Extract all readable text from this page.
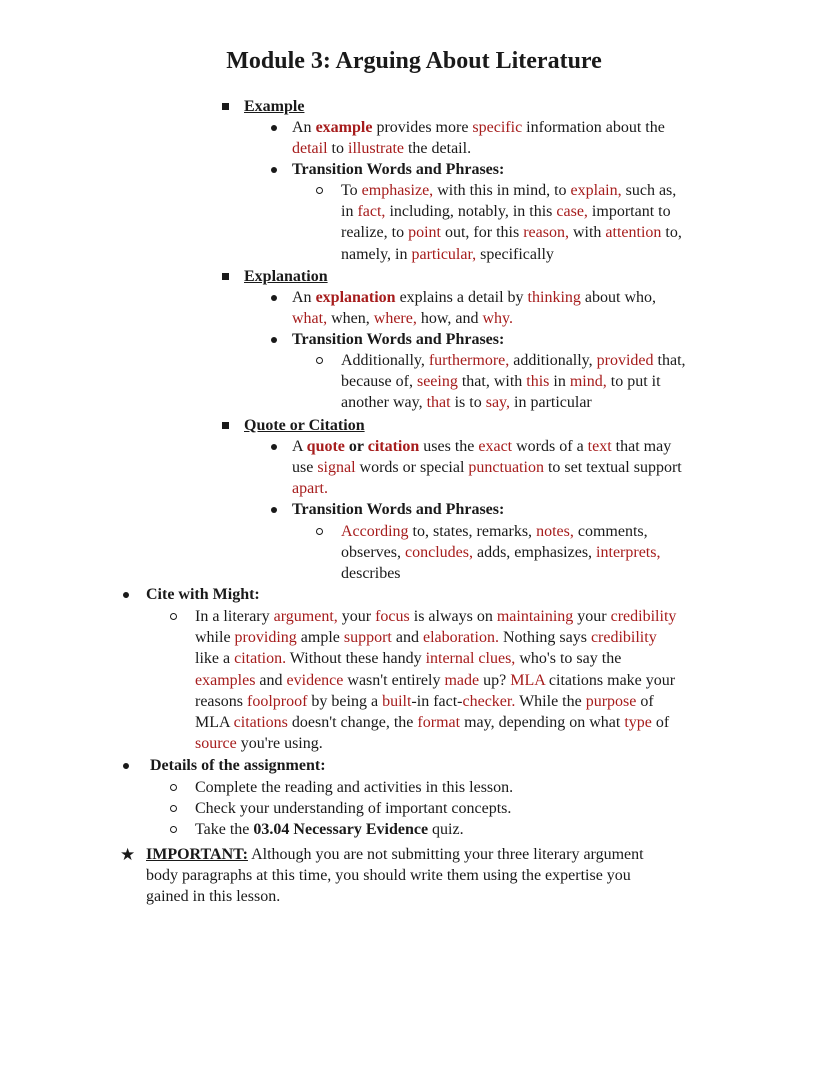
Module 3: Arguing About Literature
Example
An example provides more specific information about the
detail to illustrate the detail.
Transition Words and Phrases:
To emphasize, with this in mind, to explain, such as,
in fact, including, notably, in this case, important to
realize, to point out, for this reason, with attention to,
namely, in particular, specifically
Explanation
An explanation explains a detail by thinking about who,
what, when, where, how, and why.
Transition Words and Phrases:
Additionally, furthermore, additionally, provided that,
because of, seeing that, with this in mind, to put it
another way, that is to say, in particular
Quote or Citation
A quote or citation uses the exact words of a text that may
use signal words or special punctuation to set textual support
apart.
Transition Words and Phrases:
According to, states, remarks, notes, comments,
observes, concludes, adds, emphasizes, interprets,
describes
Cite with Might:
In a literary argument, your focus is always on maintaining your credibility
while providing ample support and elaboration. Nothing says credibility
like a citation. Without these handy internal clues, who's to say the
examples and evidence wasn't entirely made up? MLA citations make your
reasons foolproof by being a built-in fact-checker. While the purpose of
MLA citations doesn't change, the format may, depending on what type of
source you're using.
Details of the assignment:
Complete the reading and activities in this lesson.
Check your understanding of important concepts.
Take the 03.04 Necessary Evidence quiz.
★ IMPORTANT: Although you are not submitting your three literary argument
body paragraphs at this time, you should write them using the expertise you
gained in this lesson.
